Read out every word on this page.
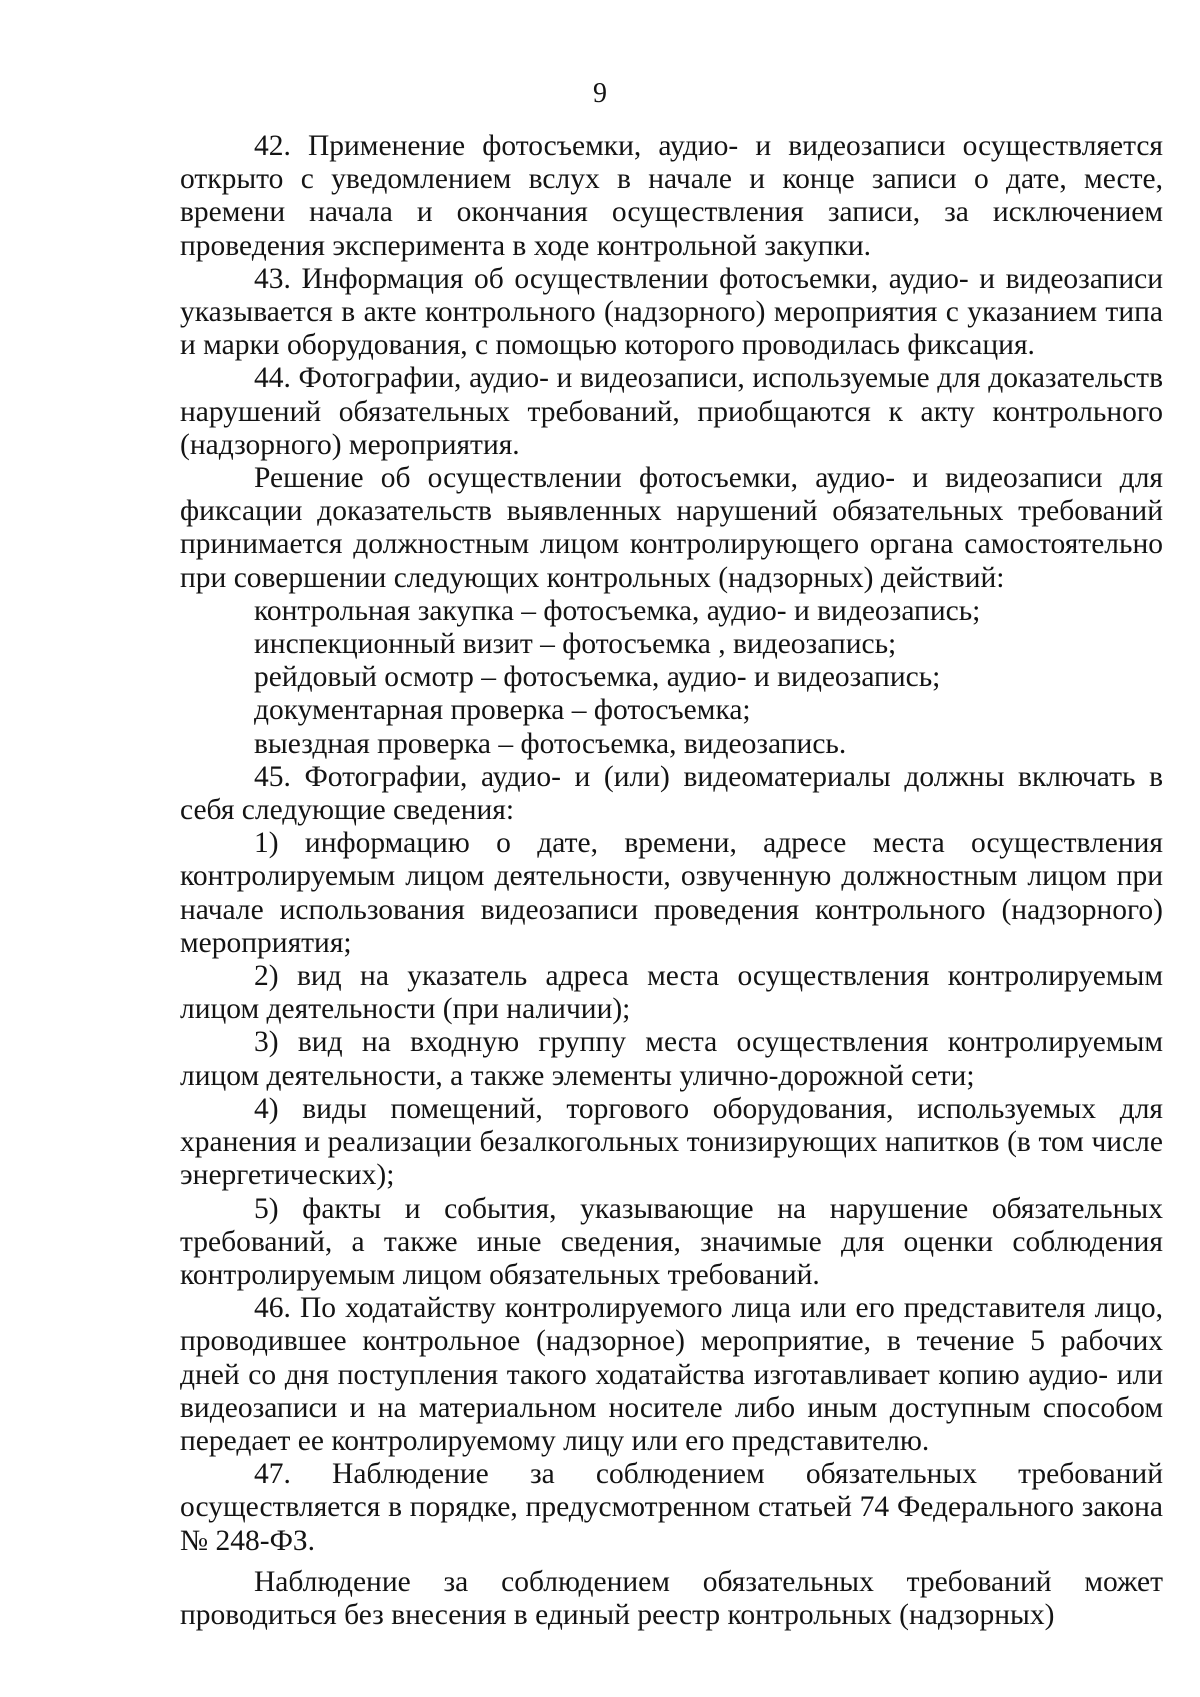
9

42. Применение фотосъемки, аудио- и видеозаписи осуществляется открыто с уведомлением вслух в начале и конце записи о дате, месте, времени начала и окончания осуществления записи, за исключением проведения эксперимента в ходе контрольной закупки.

43. Информация об осуществлении фотосъемки, аудио- и видеозаписи указывается в акте контрольного (надзорного) мероприятия с указанием типа и марки оборудования, с помощью которого проводилась фиксация.

44. Фотографии, аудио- и видеозаписи, используемые для доказательств нарушений обязательных требований, приобщаются к акту контрольного (надзорного) мероприятия.

Решение об осуществлении фотосъемки, аудио- и видеозаписи для фиксации доказательств выявленных нарушений обязательных требований принимается должностным лицом контролирующего органа самостоятельно при совершении следующих контрольных (надзорных) действий:

контрольная закупка – фотосъемка, аудио- и видеозапись;

инспекционный визит – фотосъемка , видеозапись;

рейдовый осмотр – фотосъемка, аудио- и видеозапись;

документарная проверка – фотосъемка;

выездная проверка – фотосъемка, видеозапись.

45. Фотографии, аудио- и (или) видеоматериалы должны включать в себя следующие сведения:

1) информацию о дате, времени, адресе места осуществления контролируемым лицом деятельности, озвученную должностным лицом при начале использования видеозаписи проведения контрольного (надзорного) мероприятия;

2) вид на указатель адреса места осуществления контролируемым лицом деятельности (при наличии);

3) вид на входную группу места осуществления контролируемым лицом деятельности, а также элементы улично-дорожной сети;

4) виды помещений, торгового оборудования, используемых для хранения и реализации безалкогольных тонизирующих напитков (в том числе энергетических);

5) факты и события, указывающие на нарушение обязательных требований, а также иные сведения, значимые для оценки соблюдения контролируемым лицом обязательных требований.

46. По ходатайству контролируемого лица или его представителя лицо, проводившее контрольное (надзорное) мероприятие, в течение 5 рабочих дней со дня поступления такого ходатайства изготавливает копию аудио- или видеозаписи и на материальном носителе либо иным доступным способом передает ее контролируемому лицу или его представителю.

47. Наблюдение за соблюдением обязательных требований осуществляется в порядке, предусмотренном статьей 74 Федерального закона № 248-ФЗ.

Наблюдение за соблюдением обязательных требований может проводиться без внесения в единый реестр контрольных (надзорных)
